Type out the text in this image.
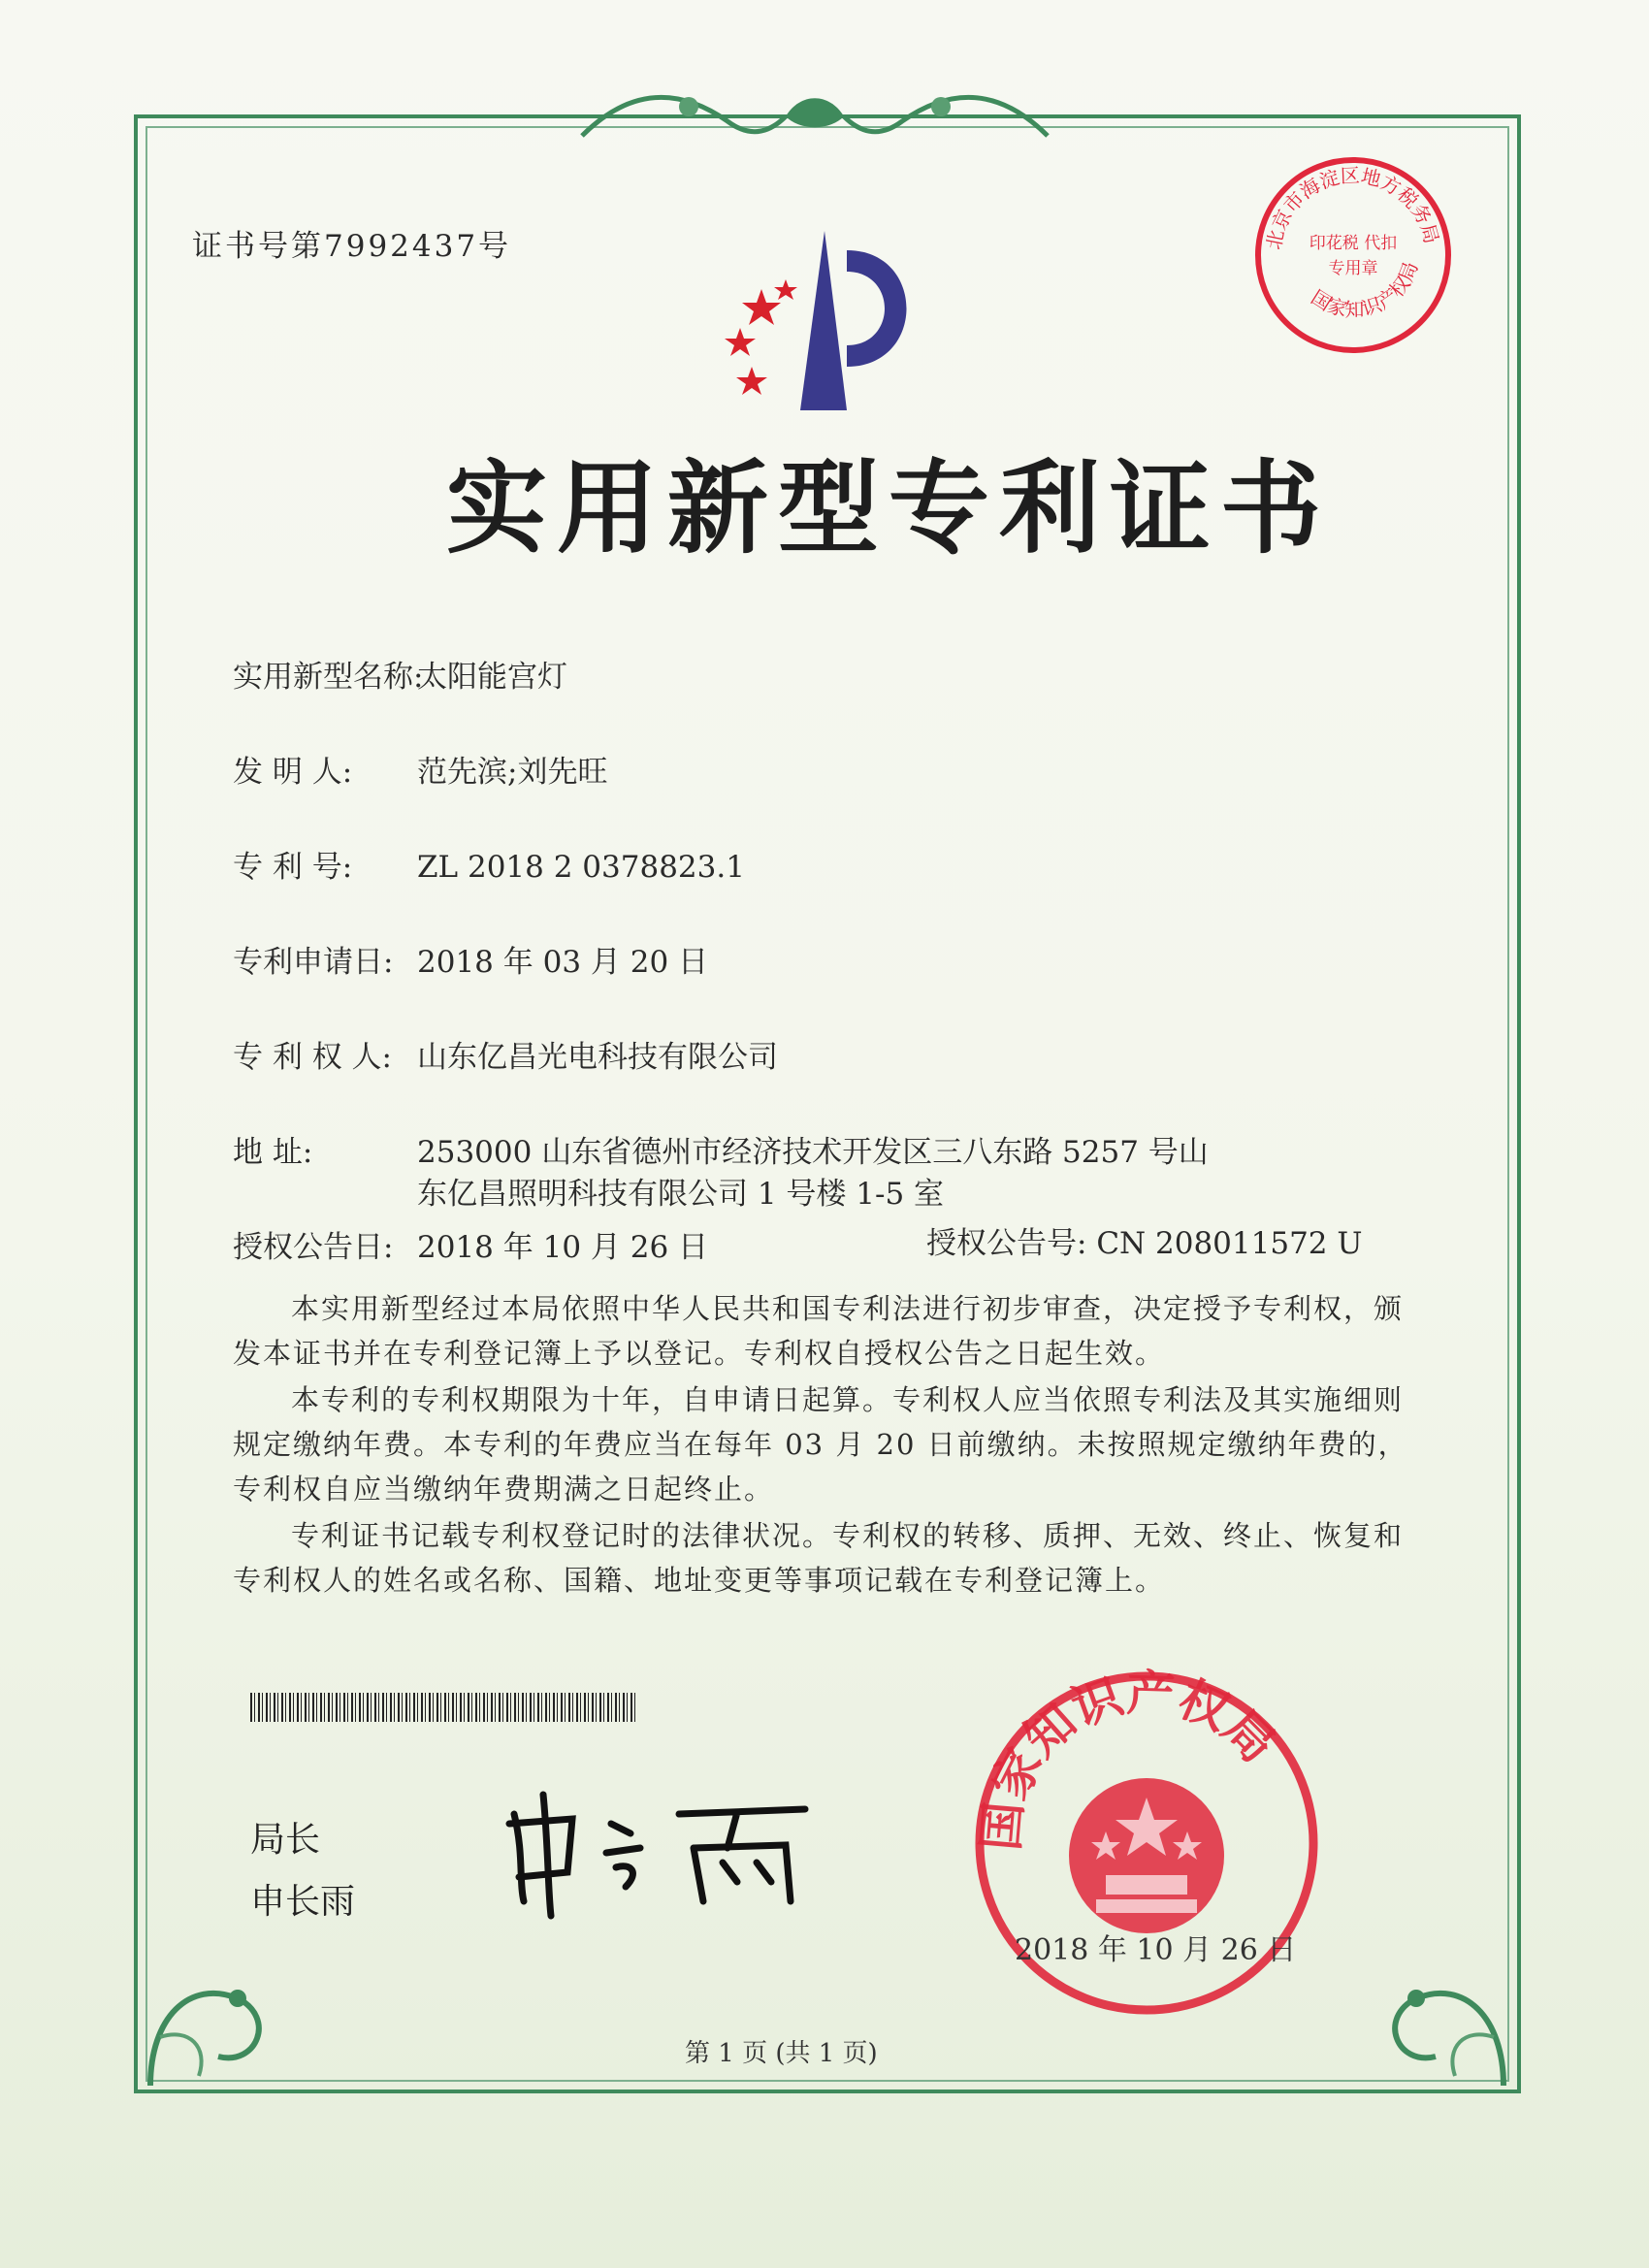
证书号第7992437号	北京市海淀区地方税务局
国家知识产权局
印花税 代扣专用章
实用新型专利证书
实用新型名称:太阳能宫灯
发 明 人: 范先滨;刘先旺
专 利 号: ZL 2018 2 0378823.1
专利申请日: 2018 年 03 月 20 日
专 利 权 人: 山东亿昌光电科技有限公司
地 址:	253000 山东省德州市经济技术开发区三八东路 5257 号山
东亿昌照明科技有限公司 1 号楼 1-5 室
授权公告日: 2018 年 10 月 26 日	授权公告号: CN 208011572 U
本实用新型经过本局依照中华人民共和国专利法进行初步审查，决定授予专利权，颁发本证书并在专利登记簿上予以登记。专利权自授权公告之日起生效。
本专利的专利权期限为十年，自申请日起算。专利权人应当依照专利法及其实施细则规定缴纳年费。本专利的年费应当在每年 03 月 20 日前缴纳。未按照规定缴纳年费的，专利权自应当缴纳年费期满之日起终止。
专利证书记载专利权登记时的法律状况。专利权的转移、质押、无效、终止、恢复和专利权人的姓名或名称、国籍、地址变更等事项记载在专利登记簿上。
局长
申长雨
国家知识产权局
2018 年 10 月 26 日
第 1 页 (共 1 页)
